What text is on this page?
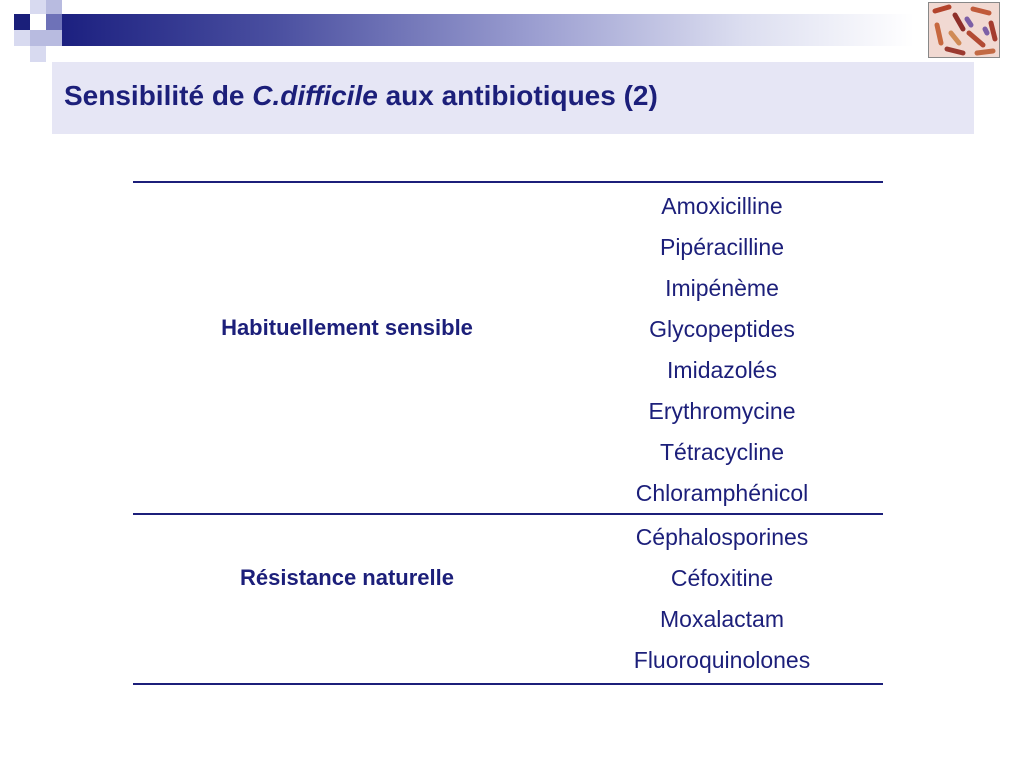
Sensibilité de C.difficile aux antibiotiques (2)
Habituellement sensible
Amoxicilline
Pipéracilline
Imipénème
Glycopeptides
Imidazolés
Erythromycine
Tétracycline
Chloramphénicol
Résistance naturelle
Céphalosporines
Céfoxitine
Moxalactam
Fluoroquinolones
